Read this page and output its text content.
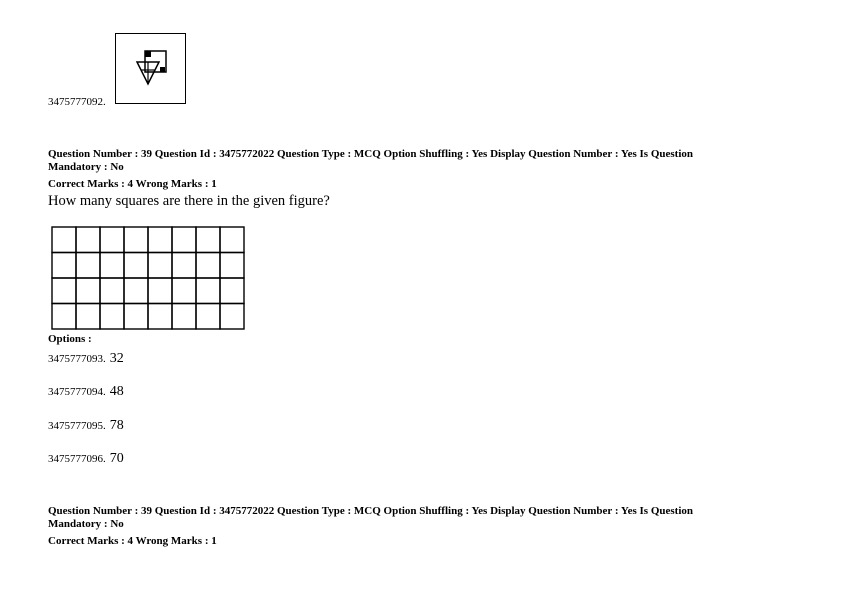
3475777092.
Question Number : 39 Question Id : 3475772022 Question Type : MCQ Option Shuffling : Yes Display Question Number : Yes Is Question
Mandatory : No
Correct Marks : 4 Wrong Marks : 1
How many squares are there in the given figure?
Options :
3475777093. 32
3475777094. 48
3475777095. 78
3475777096. 70
Question Number : 39 Question Id : 3475772022 Question Type : MCQ Option Shuffling : Yes Display Question Number : Yes Is Question
Mandatory : No
Correct Marks : 4 Wrong Marks : 1
